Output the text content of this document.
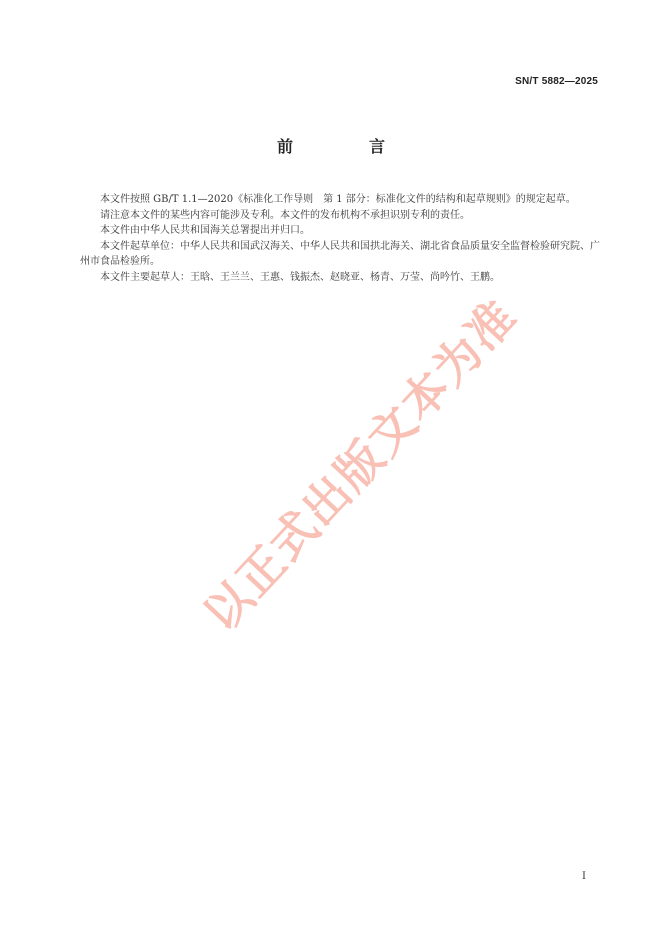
SN/T 5882—2025
前　言

本文件按照 GB/T 1.1—2020《标准化工作导则　第 1 部分：标准化文件的结构和起草规则》的规定起草。

请注意本文件的某些内容可能涉及专利。本文件的发布机构不承担识别专利的责任。

本文件由中华人民共和国海关总署提出并归口。

本文件起草单位：中华人民共和国武汉海关、中华人民共和国拱北海关、湖北省食品质量安全监督检验研究院、广州市食品检验所。

本文件主要起草人：王晗、王兰兰、王惠、钱振杰、赵晓亚、杨青、万莹、尚吟竹、王鹏。

以正式出版文本为准
Ⅰ
